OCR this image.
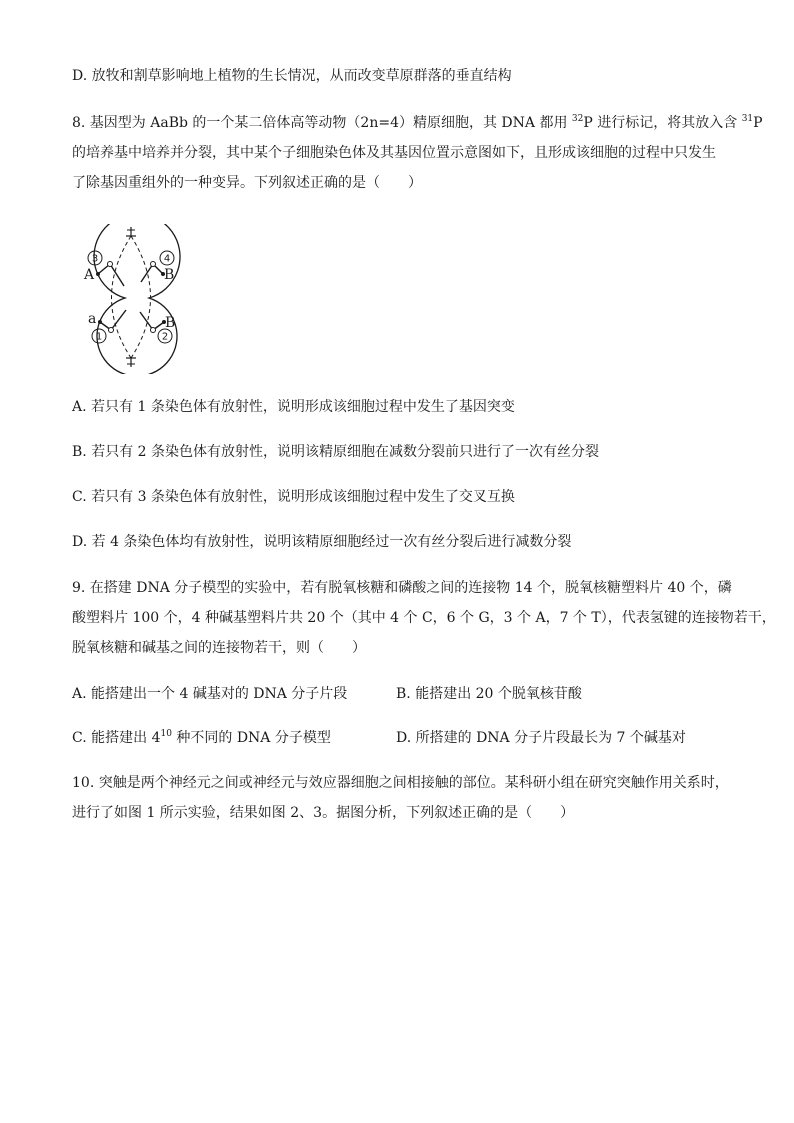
D. 放牧和割草影响地上植物的生长情况，从而改变草原群落的垂直结构
8. 基因型为 AaBb 的一个某二倍体高等动物（2n=4）精原细胞，其 DNA 都用 $^{32}$P 进行标记，将其放入含 $^{31}$P
的培养基中培养并分裂，其中某个子细胞染色体及其基因位置示意图如下，且形成该细胞的过程中只发生
了除基因重组外的一种变异。下列叙述正确的是（　　）
A	B
a	B
3	4
1	2
A. 若只有 1 条染色体有放射性，说明形成该细胞过程中发生了基因突变
B. 若只有 2 条染色体有放射性，说明该精原细胞在减数分裂前只进行了一次有丝分裂
C. 若只有 3 条染色体有放射性，说明形成该细胞过程中发生了交叉互换
D. 若 4 条染色体均有放射性，说明该精原细胞经过一次有丝分裂后进行减数分裂
9. 在搭建 DNA 分子模型的实验中，若有脱氧核糖和磷酸之间的连接物 14 个，脱氧核糖塑料片 40 个，磷
酸塑料片 100 个，4 种碱基塑料片共 20 个（其中 4 个 C，6 个 G，3 个 A，7 个 T），代表氢键的连接物若干，
脱氧核糖和碱基之间的连接物若干，则（　　）
A. 能搭建出一个 4 碱基对的 DNA 分子片段	B. 能搭建出 20 个脱氧核苷酸
C. 能搭建出 $4^{10}$ 种不同的 DNA 分子模型	D. 所搭建的 DNA 分子片段最长为 7 个碱基对
10. 突触是两个神经元之间或神经元与效应器细胞之间相接触的部位。某科研小组在研究突触作用关系时，
进行了如图 1 所示实验，结果如图 2、3。据图分析，下列叙述正确的是（　　）
